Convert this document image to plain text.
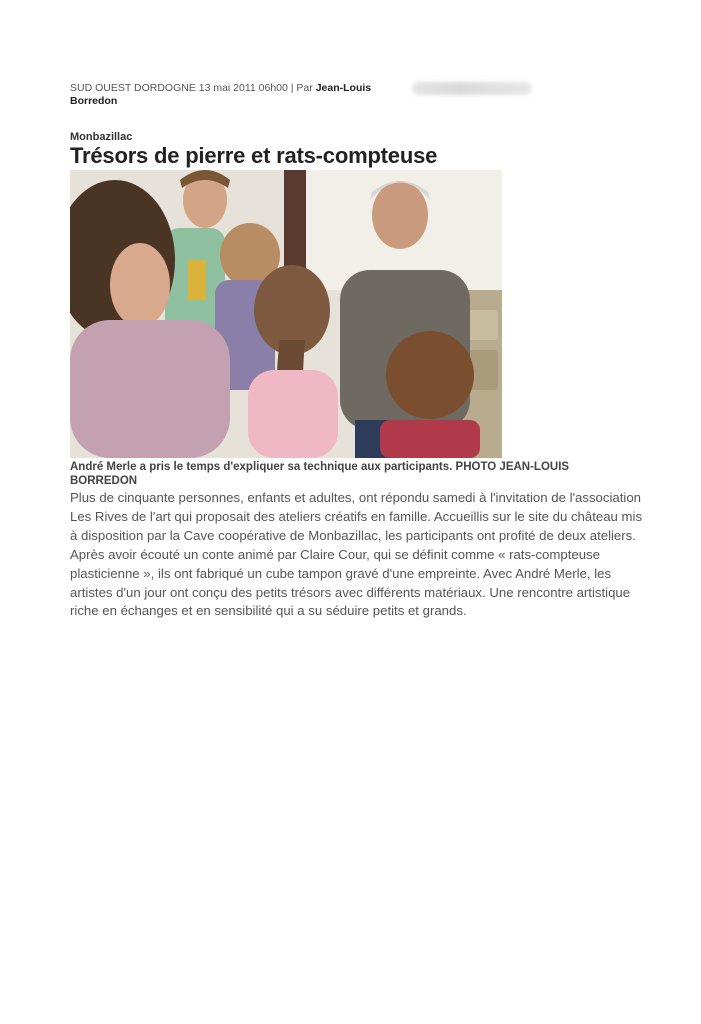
SUD OUEST DORDOGNE 13 mai 2011 06h00 | Par Jean-Louis Borredon
Monbazillac
Trésors de pierre et rats-compteuse
André Merle a pris le temps d'expliquer sa technique aux participants. PHOTO JEAN-LOUIS BORREDON

Plus de cinquante personnes, enfants et adultes, ont répondu samedi à l'invitation de l'association Les Rives de l'art qui proposait des ateliers créatifs en famille. Accueillis sur le site du château mis à disposition par la Cave coopérative de Monbazillac, les participants ont profité de deux ateliers. Après avoir écouté un conte animé par Claire Cour, qui se définit comme « rats-compteuse plasticienne », ils ont fabriqué un cube tampon gravé d'une empreinte. Avec André Merle, les artistes d'un jour ont conçu des petits trésors avec différents matériaux. Une rencontre artistique riche en échanges et en sensibilité qui a su séduire petits et grands.
